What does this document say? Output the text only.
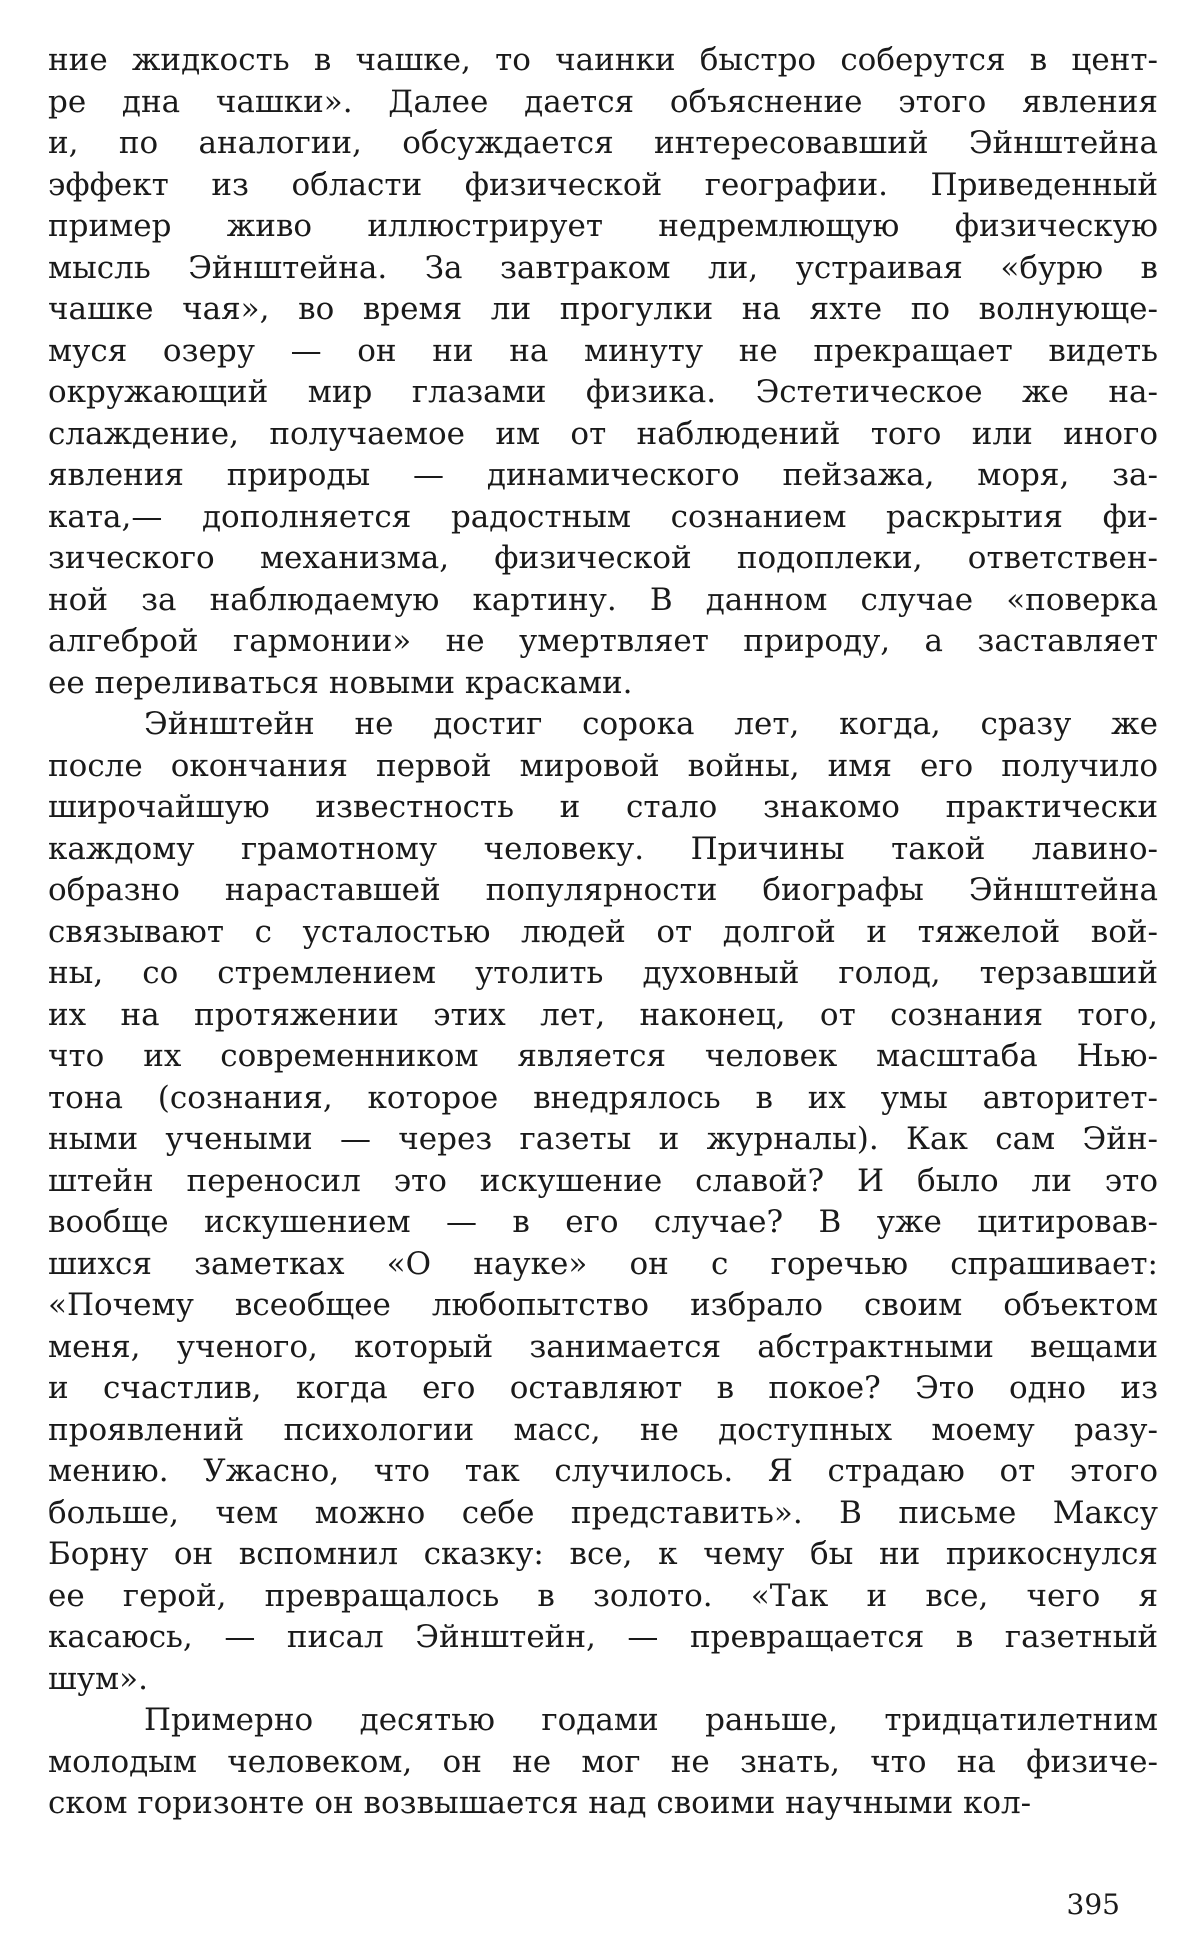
ние жидкость в чашке, то чаинки быстро соберутся в цент-
ре дна чашки». Далее дается объяснение этого явления
и, по аналогии, обсуждается интересовавший Эйнштейна
эффект из области физической географии. Приведенный
пример живо иллюстрирует недремлющую физическую
мысль Эйнштейна. За завтраком ли, устраивая «бурю в
чашке чая», во время ли прогулки на яхте по волнующе-
муся озеру — он ни на минуту не прекращает видеть
окружающий мир глазами физика. Эстетическое же на-
слаждение, получаемое им от наблюдений того или иного
явления природы — динамического пейзажа, моря, за-
ката,— дополняется радостным сознанием раскрытия фи-
зического механизма, физической подоплеки, ответствен-
ной за наблюдаемую картину. В данном случае «поверка
алгеброй гармонии» не умертвляет природу, а заставляет
ее переливаться новыми красками.
Эйнштейн не достиг сорока лет, когда, сразу же
после окончания первой мировой войны, имя его получило
широчайшую известность и стало знакомо практически
каждому грамотному человеку. Причины такой лавино-
образно нараставшей популярности биографы Эйнштейна
связывают с усталостью людей от долгой и тяжелой вой-
ны, со стремлением утолить духовный голод, терзавший
их на протяжении этих лет, наконец, от сознания того,
что их современником является человек масштаба Нью-
тона (сознания, которое внедрялось в их умы авторитет-
ными учеными — через газеты и журналы). Как сам Эйн-
штейн переносил это искушение славой? И было ли это
вообще искушением — в его случае? В уже цитировав-
шихся заметках «О науке» он с горечью спрашивает:
«Почему всеобщее любопытство избрало своим объектом
меня, ученого, который занимается абстрактными вещами
и счастлив, когда его оставляют в покое? Это одно из
проявлений психологии масс, не доступных моему разу-
мению. Ужасно, что так случилось. Я страдаю от этого
больше, чем можно себе представить». В письме Максу
Борну он вспомнил сказку: все, к чему бы ни прикоснулся
ее герой, превращалось в золото. «Так и все, чего я
касаюсь, — писал Эйнштейн, — превращается в газетный
шум».
Примерно десятью годами раньше, тридцатилетним
молодым человеком, он не мог не знать, что на физиче-
ском горизонте он возвышается над своими научными кол-
395
